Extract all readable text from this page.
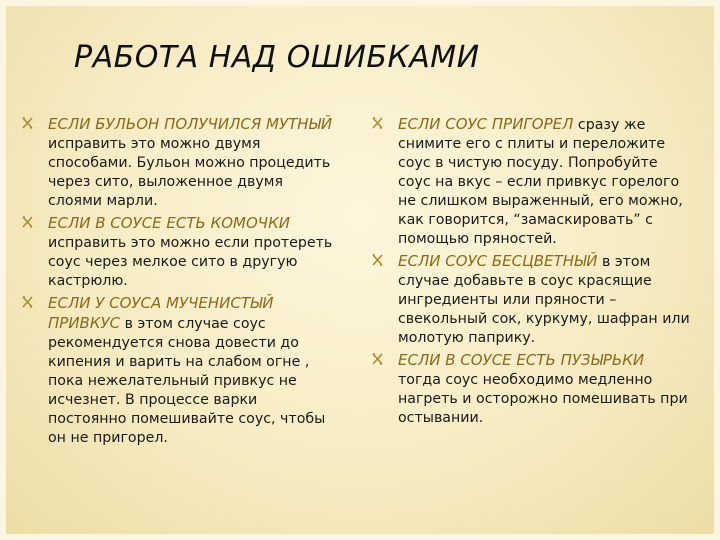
РАБОТА НАД ОШИБКАМИ
ЕСЛИ БУЛЬОН ПОЛУЧИЛСЯ МУТНЫЙ исправить это можно двумя способами. Бульон можно процедить через сито, выложенное двумя слоями марли.
ЕСЛИ В СОУСЕ ЕСТЬ КОМОЧКИ исправить это можно если протереть соус через мелкое сито в другую кастрюлю.
ЕСЛИ У СОУСА МУЧЕНИСТЫЙ ПРИВКУС в этом случае соус рекомендуется снова довести до кипения и варить на слабом огне , пока нежелательный привкус не исчезнет. В процессе варки постоянно помешивайте соус, чтобы он не пригорел.
ЕСЛИ СОУС ПРИГОРЕЛ сразу же снимите его с плиты и переложите соус в чистую посуду. Попробуйте соус на вкус – если привкус горелого не слишком выраженный, его можно, как говорится, “замаскировать” с помощью пряностей.
ЕСЛИ СОУС БЕСЦВЕТНЫЙ в этом случае добавьте в соус красящие ингредиенты или пряности – свекольный сок, куркуму, шафран или молотую паприку.
ЕСЛИ В СОУСЕ ЕСТЬ ПУЗЫРЬКИ тогда соус необходимо медленно нагреть и осторожно помешивать при остывании.
